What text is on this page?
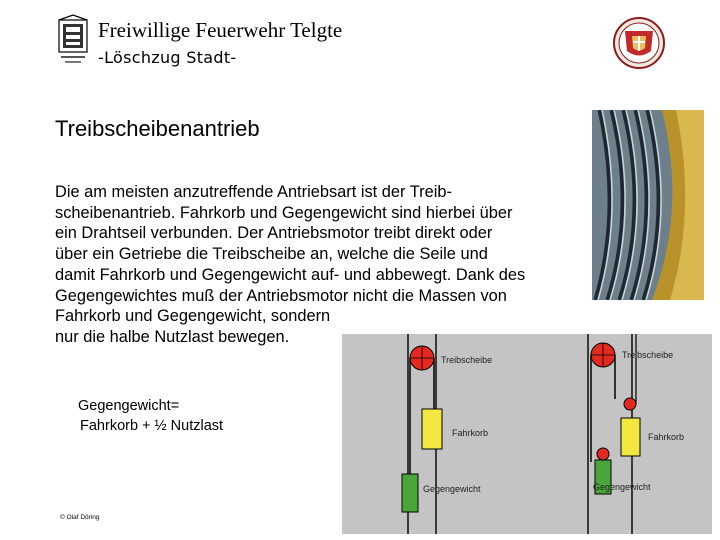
Freiwillige Feuerwehr Telgte
-Löschzug Stadt-
Treibscheibenantrieb
Die am meisten anzutreffende Antriebsart ist der Treib-
scheibenantrieb. Fahrkorb und Gegengewicht sind hierbei über
ein Drahtseil verbunden. Der Antriebsmotor treibt direkt oder
über ein Getriebe die Treibscheibe an, welche die Seile und
damit Fahrkorb und Gegengewicht auf- und abbewegt. Dank des
Gegengewichtes muß der Antriebsmotor nicht die Massen von
Fahrkorb und Gegengewicht, sondern
nur die halbe Nutzlast bewegen.
Gegengewicht=
Fahrkorb + ½ Nutzlast
© Olaf Döring
Treibscheibe
Fahrkorb
Gegengewicht
Treibscheibe
Fahrkorb
Gegengewicht
